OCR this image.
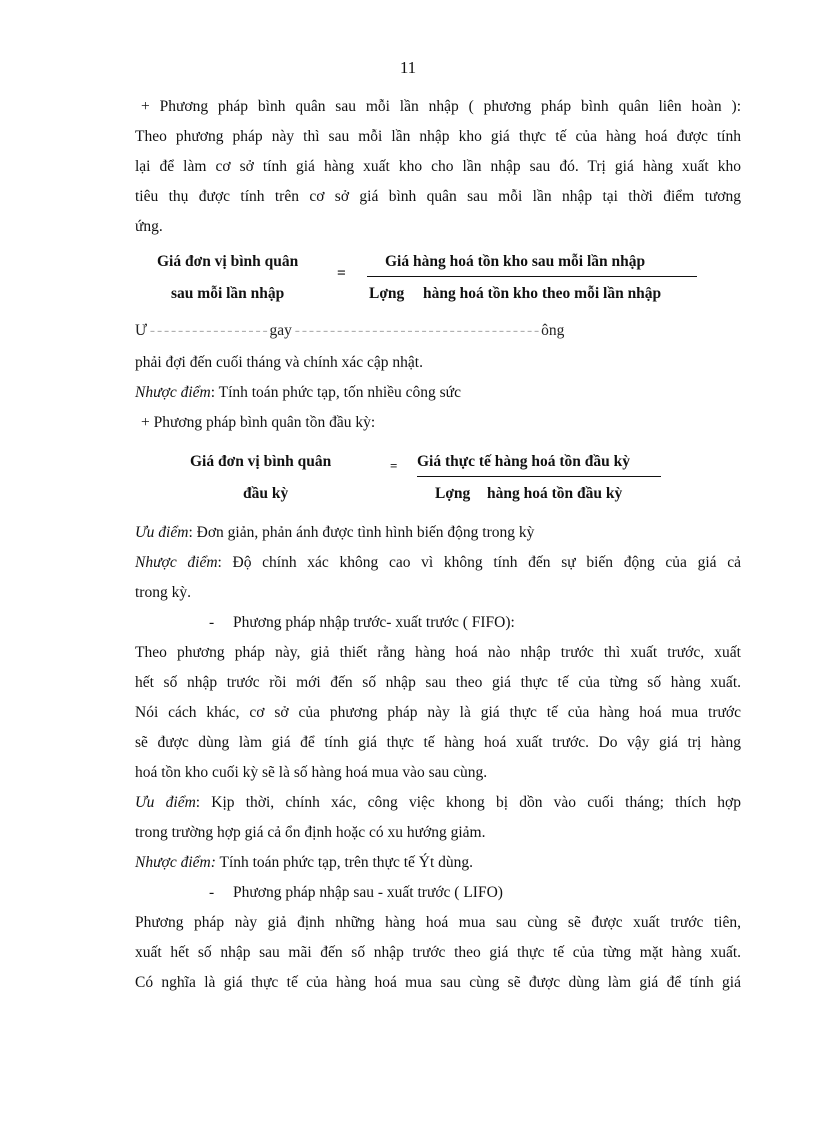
11
+ Phương pháp bình quân sau mỗi lần nhập ( phương pháp bình quân liên hoàn ):
Theo phương pháp này thì sau mỗi lần nhập kho giá thực tế của hàng hoá được tính
lại để làm cơ sở tính giá hàng xuất kho cho lần nhập sau đó. Trị giá hàng xuất kho
tiêu thụ được tính trên cơ sở giá bình quân sau mỗi lần nhập tại thời điểm tương
ứng.
Giá đơn vị bình quân
sau mỗi lần nhập
=
Giá hàng hoá tồn kho sau mỗi lần nhập
Lợng hàng hoá tồn kho theo mỗi lần nhập
Ư - - - - - - - - - - - - - - - - - gay - - - - - - - - - - - - - - - - - - - - - - - - - - - - - - - - - - - ông
phải đợi đến cuối tháng và chính xác cập nhật.
Nhược điểm: Tính toán phức tạp, tốn nhiều công sức
+ Phương pháp bình quân tồn đầu kỳ:
Giá đơn vị bình quân
đầu kỳ
= Giá thực tế hàng hoá tồn đầu kỳ
Lợng hàng hoá tồn đầu kỳ
Ưu điểm: Đơn giản, phản ánh được tình hình biến động trong kỳ
Nhược điểm: Độ chính xác không cao vì không tính đến sự biến động của giá cả
trong kỳ.
- Phương pháp nhập trước- xuất trước ( FIFO):
Theo phương pháp này, giả thiết rằng hàng hoá nào nhập trước thì xuất trước, xuất
hết số nhập trước rồi mới đến số nhập sau theo giá thực tế của từng số hàng xuất.
Nói cách khác, cơ sở của phương pháp này là giá thực tế của hàng hoá mua trước
sẽ được dùng làm giá để tính giá thực tế hàng hoá xuất trước. Do vậy giá trị hàng
hoá tồn kho cuối kỳ sẽ là số hàng hoá mua vào sau cùng.
Ưu điểm: Kịp thời, chính xác, công việc khong bị dồn vào cuối tháng; thích hợp
trong trường hợp giá cả ổn định hoặc có xu hướng giảm.
Nhược điểm: Tính toán phức tạp, trên thực tế Ýt dùng.
- Phương pháp nhập sau - xuất trước ( LIFO)
Phương pháp này giả định những hàng hoá mua sau cùng sẽ được xuất trước tiên,
xuất hết số nhập sau mãi đến số nhập trước theo giá thực tế của từng mặt hàng xuất.
Có nghĩa là giá thực tế của hàng hoá mua sau cùng sẽ được dùng làm giá để tính giá
